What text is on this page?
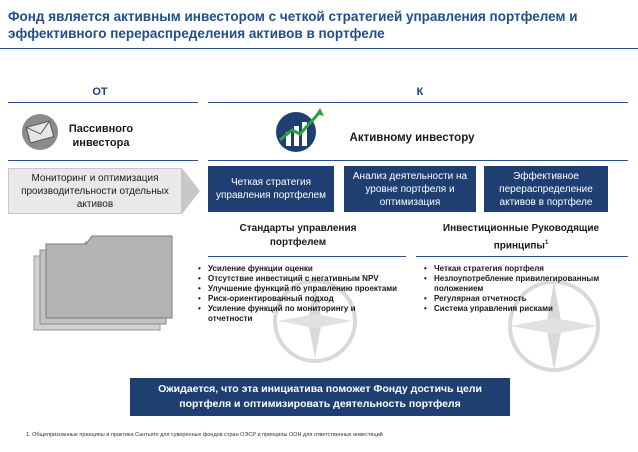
Фонд является активным инвестором с четкой стратегией управления портфелем и эффективного перераспределения активов в портфеле
ОТ	К
Пассивного инвестора
Мониторинг и оптимизация производительности отдельных активов
Активному инвестору
Четкая стратегия управления портфелем
Анализ деятельности на уровне портфеля и оптимизация
Эффективное перераспределение активов в портфеле
Стандарты управления портфелем
• Усиление функции оценки
• Отсутствие инвестиций с негативным NPV
• Улучшение функций по управлению проектами
• Риск-ориентированный подход
• Усиление функций по мониторингу и отчетности
Инвестиционные Руководящие принципы$^1$
• Четкая стратегия портфеля
• Незлоупотребление привилегированным положением
• Регулярная отчетность
• Система управления рисками
Ожидается, что эта инициатива поможет Фонду достичь цели портфеля и оптимизировать деятельность портфеля
1. Общепризнанные принципы и практика Сантьяго для суверенных фондов стран ОЭСР и принципы ООН для ответственных инвестиций
